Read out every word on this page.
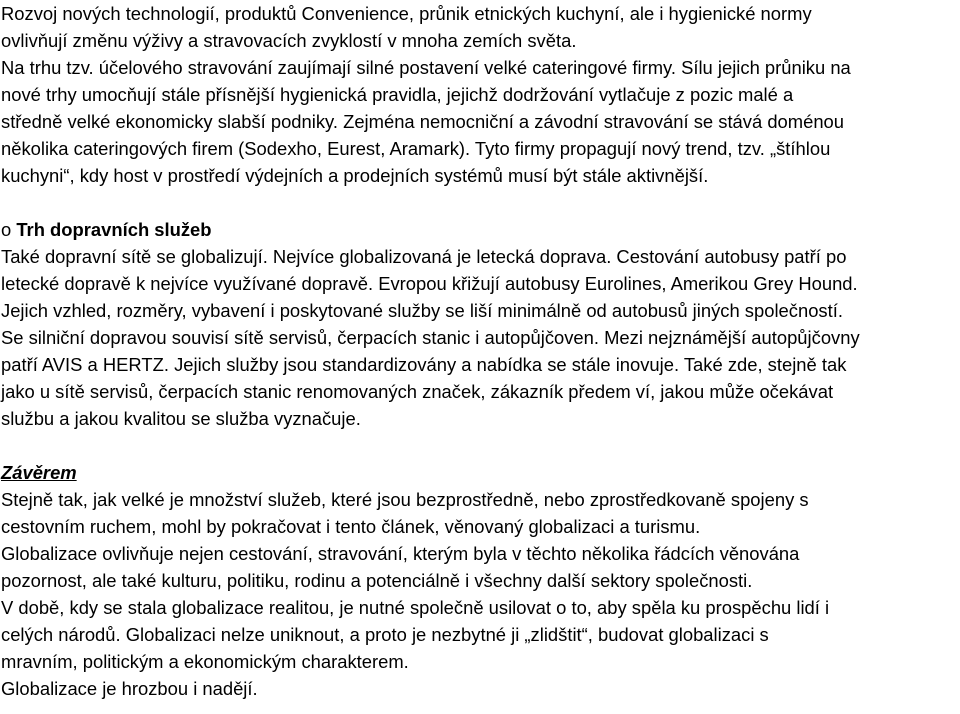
Rozvoj nových technologií, produktů Convenience, průnik etnických kuchyní, ale i hygienické normy

ovlivňují změnu výživy a stravovacích zvyklostí v mnoha zemích světa.

Na trhu tzv. účelového stravování zaujímají silné postavení velké cateringové firmy. Sílu jejich průniku na

nové trhy umocňují stále přísnější hygienická pravidla, jejichž dodržování vytlačuje z pozic malé a

středně velké ekonomicky slabší podniky. Zejména nemocniční a závodní stravování se stává doménou

několika cateringových firem (Sodexho, Eurest, Aramark). Tyto firmy propagují nový trend, tzv. „štíhlou

kuchyni“, kdy host v prostředí výdejních a prodejních systémů musí být stále aktivnější.

o Trh dopravních služeb

Také dopravní sítě se globalizují. Nejvíce globalizovaná je letecká doprava. Cestování autobusy patří po

letecké dopravě k nejvíce využívané dopravě. Evropou křižují autobusy Eurolines, Amerikou Grey Hound.

Jejich vzhled, rozměry, vybavení i poskytované služby se liší minimálně od autobusů jiných společností.

Se silniční dopravou souvisí sítě servisů, čerpacích stanic i autopůjčoven. Mezi nejznámější autopůjčovny

patří AVIS a HERTZ. Jejich služby jsou standardizovány a nabídka se stále inovuje. Také zde, stejně tak

jako u sítě servisů, čerpacích stanic renomovaných značek, zákazník předem ví, jakou může očekávat

službu a jakou kvalitou se služba vyznačuje.

Závěrem

Stejně tak, jak velké je množství služeb, které jsou bezprostředně, nebo zprostředkovaně spojeny s

cestovním ruchem, mohl by pokračovat i tento článek, věnovaný globalizaci a turismu.

Globalizace ovlivňuje nejen cestování, stravování, kterým byla v těchto několika řádcích věnována

pozornost, ale také kulturu, politiku, rodinu a potenciálně i všechny další sektory společnosti.

V době, kdy se stala globalizace realitou, je nutné společně usilovat o to, aby spěla ku prospěchu lidí i

celých národů. Globalizaci nelze uniknout, a proto je nezbytné ji „zlidštit“, budovat globalizaci s

mravním, politickým a ekonomickým charakterem.

Globalizace je hrozbou i nadějí.
